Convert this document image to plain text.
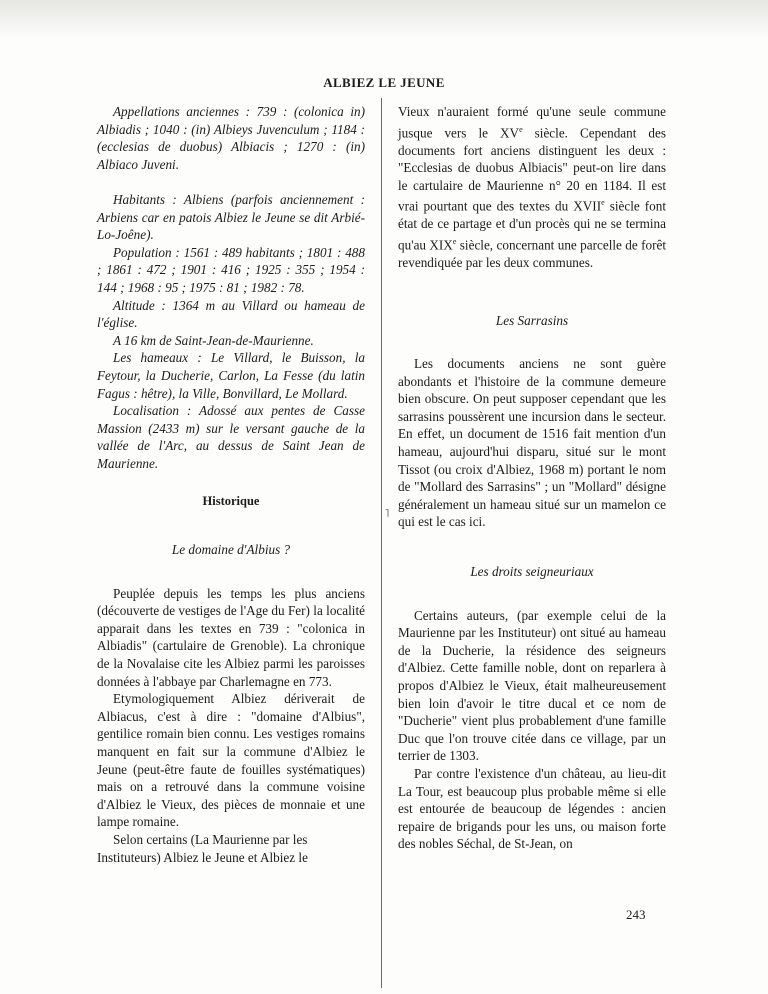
ALBIEZ LE JEUNE

Appellations anciennes : 739 : (colonica in) Albiadis ; 1040 : (in) Albieys Juvenculum ; 1184 : (ecclesias de duobus) Albiacis ; 1270 : (in) Albiaco Juveni.

Habitants : Albiens (parfois anciennement : Arbiens car en patois Albiez le Jeune se dit Arbié-Lo-Joêne).

Population : 1561 : 489 habitants ; 1801 : 488 ; 1861 : 472 ; 1901 : 416 ; 1925 : 355 ; 1954 : 144 ; 1968 : 95 ; 1975 : 81 ; 1982 : 78.

Altitude : 1364 m au Villard ou hameau de l'église.

A 16 km de Saint-Jean-de-Maurienne.

Les hameaux : Le Villard, le Buisson, la Feytour, la Ducherie, Carlon, La Fesse (du latin Fagus : hêtre), la Ville, Bonvillard, Le Mollard.

Localisation : Adossé aux pentes de Casse Massion (2433 m) sur le versant gauche de la vallée de l'Arc, au dessus de Saint Jean de Maurienne.

Historique
Le domaine d'Albius ?

Peuplée depuis les temps les plus anciens (découverte de vestiges de l'Age du Fer) la localité apparait dans les textes en 739 : "colonica in Albiadis" (cartulaire de Grenoble). La chronique de la Novalaise cite les Albiez parmi les paroisses données à l'abbaye par Charlemagne en 773.

Etymologiquement Albiez dériverait de Albiacus, c'est à dire : "domaine d'Albius", gentilice romain bien connu. Les vestiges romains manquent en fait sur la commune d'Albiez le Jeune (peut-être faute de fouilles systématiques) mais on a retrouvé dans la commune voisine d'Albiez le Vieux, des pièces de monnaie et une lampe romaine.

Selon certains (La Maurienne par les Instituteurs) Albiez le Jeune et Albiez le

Vieux n'auraient formé qu'une seule commune jusque vers le XVe siècle. Cependant des documents fort anciens distinguent les deux : "Ecclesias de duobus Albiacis" peut-on lire dans le cartulaire de Maurienne n° 20 en 1184. Il est vrai pourtant que des textes du XVIIe siècle font état de ce partage et d'un procès qui ne se termina qu'au XIXe siècle, concernant une parcelle de forêt revendiquée par les deux communes.

Les Sarrasins

Les documents anciens ne sont guère abondants et l'histoire de la commune demeure bien obscure. On peut supposer cependant que les sarrasins poussèrent une incursion dans le secteur. En effet, un document de 1516 fait mention d'un hameau, aujourd'hui disparu, situé sur le mont Tissot (ou croix d'Albiez, 1968 m) portant le nom de "Mollard des Sarrasins" ; un "Mollard" désigne généralement un hameau situé sur un mamelon ce qui est le cas ici.

Les droits seigneuriaux

Certains auteurs, (par exemple celui de la Maurienne par les Instituteur) ont situé au hameau de la Ducherie, la résidence des seigneurs d'Albiez. Cette famille noble, dont on reparlera à propos d'Albiez le Vieux, était malheureusement bien loin d'avoir le titre ducal et ce nom de "Ducherie" vient plus probablement d'une famille Duc que l'on trouve citée dans ce village, par un terrier de 1303.

Par contre l'existence d'un château, au lieu-dit La Tour, est beaucoup plus probable même si elle est entourée de beaucoup de légendes : ancien repaire de brigands pour les uns, ou maison forte des nobles Séchal, de St-Jean, on

˥
243
